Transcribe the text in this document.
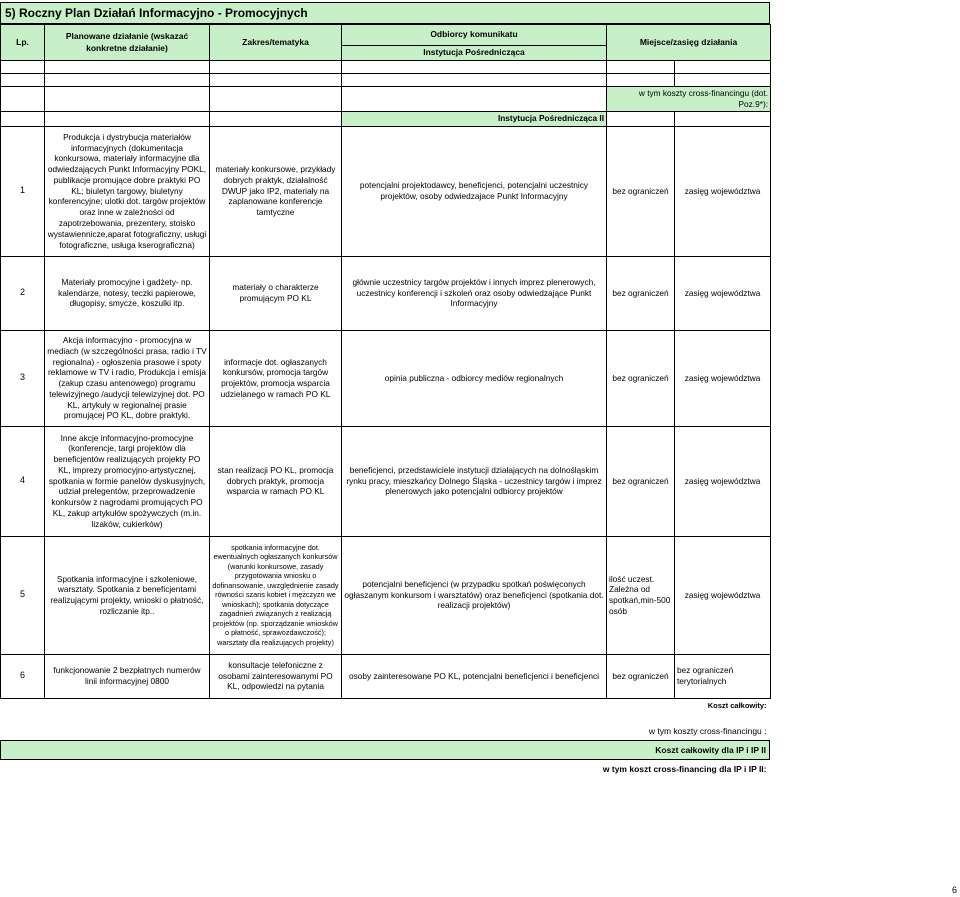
5) Roczny Plan Działań Informacyjno - Promocyjnych
Lp.	Planowane działanie (wskazać konkretne działanie)	Zakres/tematyka	Odbiorcy komunikatu	Miejsce/zasięg działania	
			Instytucja Pośrednicząca		

				w tym koszty cross-financingu (dot. Poz.9*):	
			Instytucja Pośrednicząca II		
1	Produkcja i dystrybucja materiałów informacyjnych (dokumentacja konkursowa, materiały informacyjne dla odwiedzających Punkt Informacyjny POKL, publikacje promujące dobre praktyki PO KL; biuletyn targowy, biuletyny konferencyjne; ulotki dot. targów projektów oraz inne w zależności od zapotrzebowania, prezentery, stoisko wystawiennicze,aparat fotograficzny, usługi fotograficzne, usługa kserograficzna)	materiały konkursowe, przykłady dobrych praktyk, działalność DWUP jako IP2, materiały na zaplanowane konferencje tamtyczne	potencjalni projektodawcy, beneficjenci, potencjalni uczestnicy projektów, osoby odwiedzajace Punkt Informacyjny	bez ograniczeń	zasięg województwa
2	Materiały promocyjne i gadżety- np. kalendarze, notesy, teczki papierowe, długopisy, smycze, koszulki itp.	materiały o charakterze promującym PO KL	głównie uczestnicy targów projektów i innych imprez plenerowych, uczestnicy konferencji i szkoleń oraz osoby odwiedzające Punkt Informacyjny	bez ograniczeń	zasięg województwa
3	Akcja informacyjno - promocyjna w mediach (w szczególności prasa, radio i TV regionalna) - ogłoszenia prasowe i spoty reklamowe w TV i radio, Produkcja i emisja (zakup czasu antenowego) programu telewizyjnego /audycji telewizyjnej dot. PO KL, artykuły w regionalnej prasie promującej PO KL, dobre praktyki.	informacje dot. ogłaszanych konkursów, promocja targów projektów, promocja wsparcia udzielanego w ramach PO KL	opinia publiczna - odbiorcy mediów regionalnych	bez ograniczeń	zasięg województwa
4	Inne akcje informacyjno-promocyjne (konferencje, targi projektów dla beneficjentów realizujących projekty PO KL, imprezy promocyjno-artystycznej, spotkania w formie panelów dyskusyjnych, udział prelegentów, przeprowadzenie konkursów z nagrodami promujących PO KL, zakup artykułów spożywczych (m.in. lizaków, cukierków)	stan realizacji PO KL, promocja dobrych praktyk, promocja wsparcia w ramach PO KL	beneficjenci, przedstawiciele instytucji działających na dolnośląskim rynku pracy, mieszkańcy Dolnego Śląska - uczestnicy targów i imprez plenerowych jako potencjalni odbiorcy projektów	bez ograniczeń	zasięg województwa
5	Spotkania informacyjne i szkoleniowe, warsztaty. Spotkania z beneficjentami realizującymi projekty, wnioski o płatność, rozliczanie itp..	spotkania informacyjne dot. ewentualnych ogłaszanych konkursów (warunki konkursowe, zasady przygotowania wniosku o dofinansowanie, uwzględnienie zasady równości szans kobiet i mężczyzn we wnioskach); spotkania dotyczące zagadnień związanych z realizacją projektów (np. sporządzanie wniosków o płatność, sprawozdawczość); warsztaty dla realizujących projekty)	potencjalni beneficjenci (w przypadku spotkań poświęconych ogłaszanym konkursom i warsztatów) oraz beneficjenci (spotkania dot. realizacji projektów)	ilość uczest. Zależna od spotkań,min-500 osób	zasięg województwa
6	funkcjonowanie 2 bezpłatnych numerów linii informacyjnej 0800	konsultacje telefoniczne z osobami zainteresowanymi PO KL, odpowiedzi na pytania	osoby zainteresowane PO KL, potencjalni beneficjenci i beneficjenci	bez ograniczeń	bez ograniczeń terytorialnych
Koszt całkowity:

w tym koszty cross-financingu :
Koszt całkowity dla IP i IP II
w tym koszt cross-financing dla IP i IP II:
6
